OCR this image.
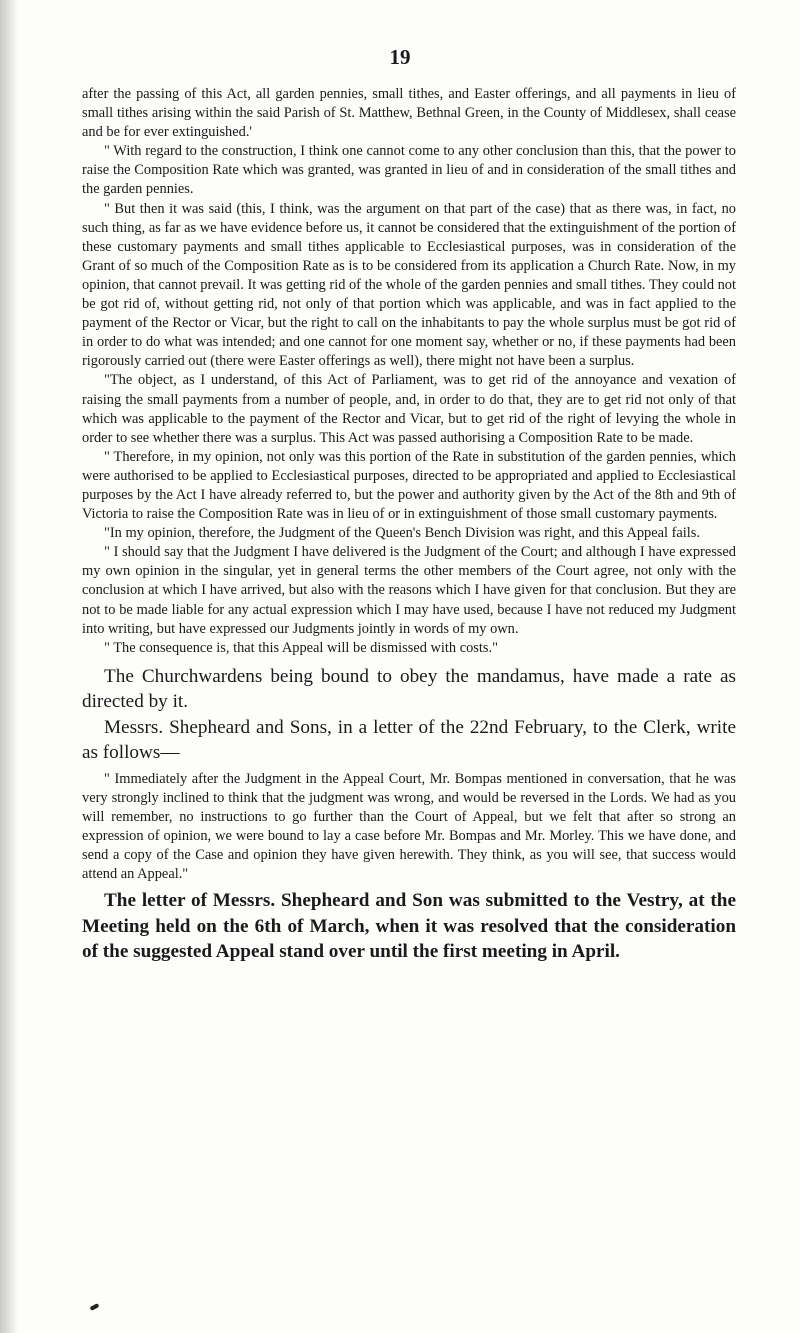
19

after the passing of this Act, all garden pennies, small tithes, and Easter offerings, and all payments in lieu of small tithes arising within the said Parish of St. Matthew, Bethnal Green, in the County of Middlesex, shall cease and be for ever extinguished.'

" With regard to the construction, I think one cannot come to any other conclusion than this, that the power to raise the Composition Rate which was granted, was granted in lieu of and in consideration of the small tithes and the garden pennies.

" But then it was said (this, I think, was the argument on that part of the case) that as there was, in fact, no such thing, as far as we have evidence before us, it cannot be considered that the extinguishment of the portion of these customary payments and small tithes applicable to Ecclesiastical purposes, was in consideration of the Grant of so much of the Composition Rate as is to be considered from its application a Church Rate. Now, in my opinion, that cannot prevail. It was getting rid of the whole of the garden pennies and small tithes. They could not be got rid of, without getting rid, not only of that portion which was applicable, and was in fact applied to the payment of the Rector or Vicar, but the right to call on the inhabitants to pay the whole surplus must be got rid of in order to do what was intended; and one cannot for one moment say, whether or no, if these payments had been rigorously carried out (there were Easter offerings as well), there might not have been a surplus.

"The object, as I understand, of this Act of Parliament, was to get rid of the annoyance and vexation of raising the small payments from a number of people, and, in order to do that, they are to get rid not only of that which was applicable to the payment of the Rector and Vicar, but to get rid of the right of levying the whole in order to see whether there was a surplus. This Act was passed authorising a Composition Rate to be made.

" Therefore, in my opinion, not only was this portion of the Rate in substitution of the garden pennies, which were authorised to be applied to Ecclesiastical purposes, directed to be appropriated and applied to Ecclesiastical purposes by the Act I have already referred to, but the power and authority given by the Act of the 8th and 9th of Victoria to raise the Composition Rate was in lieu of or in extinguishment of those small customary payments.

"In my opinion, therefore, the Judgment of the Queen's Bench Division was right, and this Appeal fails.

" I should say that the Judgment I have delivered is the Judgment of the Court; and although I have expressed my own opinion in the singular, yet in general terms the other members of the Court agree, not only with the conclusion at which I have arrived, but also with the reasons which I have given for that conclusion. But they are not to be made liable for any actual expression which I may have used, because I have not reduced my Judgment into writing, but have expressed our Judgments jointly in words of my own.

" The consequence is, that this Appeal will be dismissed with costs."

The Churchwardens being bound to obey the mandamus, have made a rate as directed by it.

Messrs. Shepheard and Sons, in a letter of the 22nd February, to the Clerk, write as follows—

" Immediately after the Judgment in the Appeal Court, Mr. Bompas mentioned in conversation, that he was very strongly inclined to think that the judgment was wrong, and would be reversed in the Lords. We had as you will remember, no instructions to go further than the Court of Appeal, but we felt that after so strong an expression of opinion, we were bound to lay a case before Mr. Bompas and Mr. Morley. This we have done, and send a copy of the Case and opinion they have given herewith. They think, as you will see, that success would attend an Appeal."

The letter of Messrs. Shepheard and Son was submitted to the Vestry, at the Meeting held on the 6th of March, when it was resolved that the consideration of the suggested Appeal stand over until the first meeting in April.
